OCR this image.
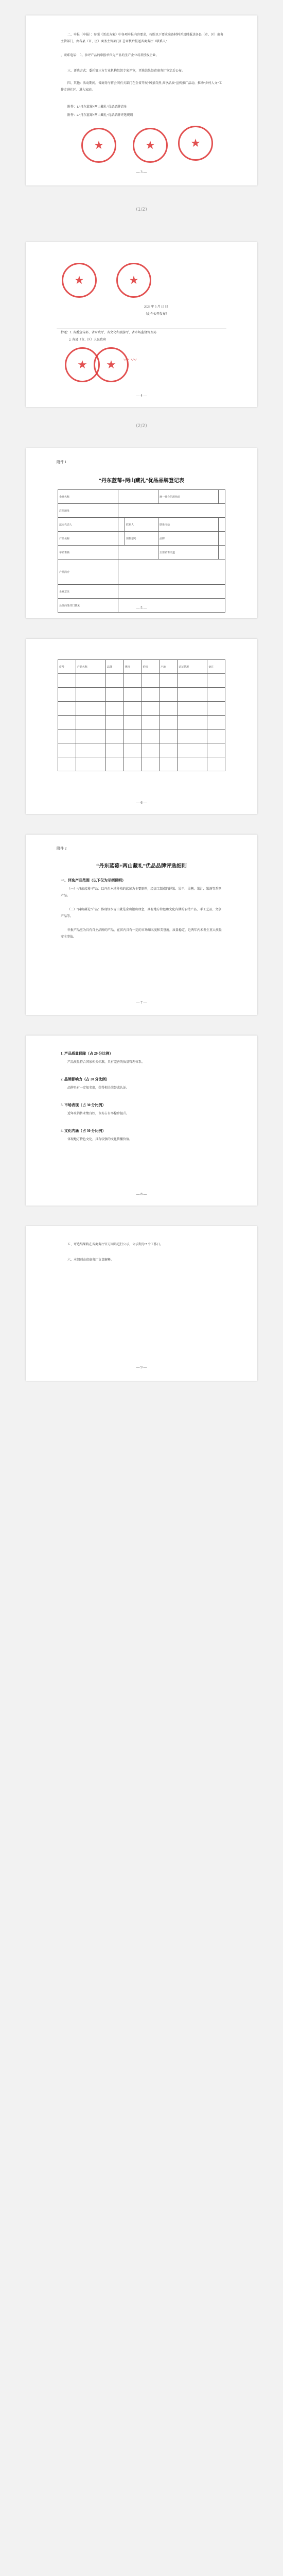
二、申报（申报）：参照《活动方案》中各项申报内容要求，按照以下要求准备材料并及时报送各县（市、区）商务主管部门，由各县（市、区）商务主管部门汇总审核后报送省商务厅（联系人：
，联系电话： ）。参评产品的申报单位为产品的生产企业或者授权企业。
三、评选方式：委托第三方专业机构组织专家评审，评选结果经省商务厅审定后公布。
四、其他：活动期间，省商务厅将会同有关部门在全省开展“风景自然 共享品质”宣传推广活动，推动“乡村人文”工作走进社区、进入家庭。
附件：1.“丹东蓝莓+两山藏礼”优品品牌清单
附件：2.“丹东蓝莓+两山藏礼”优品品牌评选规则
★	★	★
— 3 —
(1/2)
★	★
2023 年 5 月 15 日
（此件公开发布）
抄送：1. 省委宣传部、省财政厅、省文化和旅游厅、省市场监督管理局
2. 各县（市、区）人民政府
★	★	〰 〰
— 4 —
(2/2)
附件 1
“丹东蓝莓+两山藏礼”优品品牌登记表
企业名称			统一社会信用代码	
注册地址				
法定代表人		联系人	联系电话	
产品名称		规格型号	品牌	
年销售额			主要销售渠道	
产品简介				
企业意见				
县级商务部门意见				
— 5 —
序号	产品名称	品牌	规格	价格	产地	认证情况	备注

— 6 —
附件 2
“丹东蓝莓+两山藏礼”优品品牌评选细则
一、评选产品范围（以下仅为示例说明）
（一）“丹东蓝莓”产品：以丹东本地种植的蓝莓为主要原料，经加工制成的鲜果、果干、果酱、果汁、果酒等系列产品。
（二）“两山藏礼”产品：体现绿水青山就是金山银山理念，具有地方特色和文化内涵的农特产品、手工艺品、文创产品等。
申报产品应为具有自主品牌的产品，在省内具有一定的市场知名度和美誉度，质量稳定，近两年内未发生重大质量安全事故。
— 7 —
1. 产品质量保障（占 20 分比例）
产品质量符合国家相关标准，具有完善的质量管理体系。
2. 品牌影响力（占 20 分比例）
品牌具有一定知名度，获得相关荣誉或认证。
3. 市场表现（占 30 分比例）
近年来销售业绩良好，市场占有率稳步提升。
4. 文化内涵（占 30 分比例）
体现地方特色文化，具有较强的文化传播价值。
— 8 —
五、评选结果将在省商务厅官方网站进行公示，公示期为 7 个工作日。
六、本细则由省商务厅负责解释。
— 9 —
